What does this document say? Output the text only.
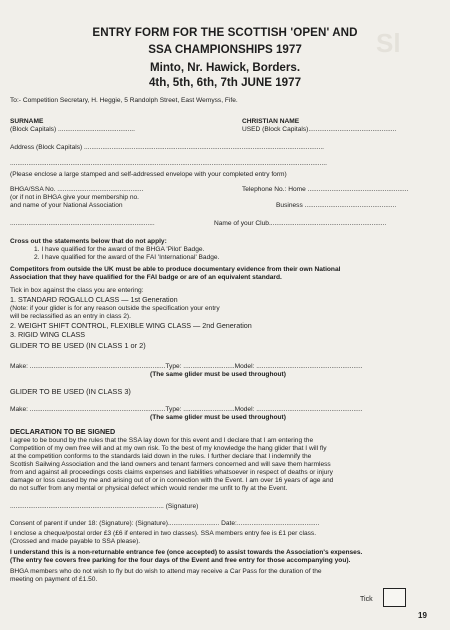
Sl
ENTRY FORM FOR THE SCOTTISH 'OPEN' AND
SSA CHAMPIONSHIPS 1977
Minto, Nr. Hawick, Borders.
4th, 5th, 6th, 7th JUNE 1977
To:- Competition Secretary, H. Heggie, 5 Randolph Street, East Wemyss, Fife.
SURNAME
(Block Capitals) ..........................................
CHRISTIAN NAME
USED (Block Capitals)................................................
Address (Block Capitals) ...................................................................................................................................
.............................................................................................................................................................................
(Please enclose a large stamped and self-addressed envelope with your completed entry form)
BHGA/SSA No. ...............................................	Telephone No.: Home .......................................................
(or if not in BHGA give your membership no.
and name of your National Association	Business ..................................................
...............................................................................	Name of your Club................................................................
Cross out the statements below that do not apply:
1. I have qualified for the award of the BHGA 'Pilot' Badge.
2. I have qualified for the award of the FAI 'International' Badge.
Competitors from outside the UK must be able to produce documentary evidence from their own National
Association that they have qualified for the FAI badge or are of an equivalent standard.
Tick in box against the class you are entering:
1. STANDARD ROGALLO CLASS — 1st Generation
(Note: if your glider is for any reason outside the specification your entry
will be reclassified as an entry in class 2).
2. WEIGHT SHIFT CONTROL, FLEXIBLE WING CLASS — 2nd Generation
3. RIGID WING CLASS
GLIDER TO BE USED (IN CLASS 1 or 2)
Make: ..........................................................................Type: ............................Model: ..........................................................
(The same glider must be used throughout)
GLIDER TO BE USED (IN CLASS 3)
Make: ..........................................................................Type: ............................Model: ..........................................................
(The same glider must be used throughout)
DECLARATION TO BE SIGNED
I agree to be bound by the rules that the SSA lay down for this event and I declare that I am entering the
Competition of my own free will and at my own risk. To the best of my knowledge the hang glider that I will fly
at the competition conforms to the standards laid down in the rules. I further declare that I indemnify the
Scottish Sailwing Association and the land owners and tenant farmers concerned and will save them harmless
from and against all proceedings costs claims expenses and liabilities whatsoever in respect of deaths or injury
damage or loss caused by me and arising out of or in connection with the Event. I am over 16 years of age and
do not suffer from any mental or physical defect which would render me unfit to fly at the Event.
.................................................................................... (Signature)
Consent of parent if under 18: (Signature): (Signature)............................ Date:.............................................
I enclose a cheque/postal order £3 (£6 if entered in two classes). SSA members entry fee is £1 per class.
(Crossed and made payable to SSA please).
I understand this is a non-returnable entrance fee (once accepted) to assist towards the Association's expenses.
(The entry fee covers free parking for the four days of the Event and free entry for those accompanying you).
BHGA members who do not wish to fly but do wish to attend may receive a Car Pass for the duration of the
meeting on payment of £1.50.
Tick
19
